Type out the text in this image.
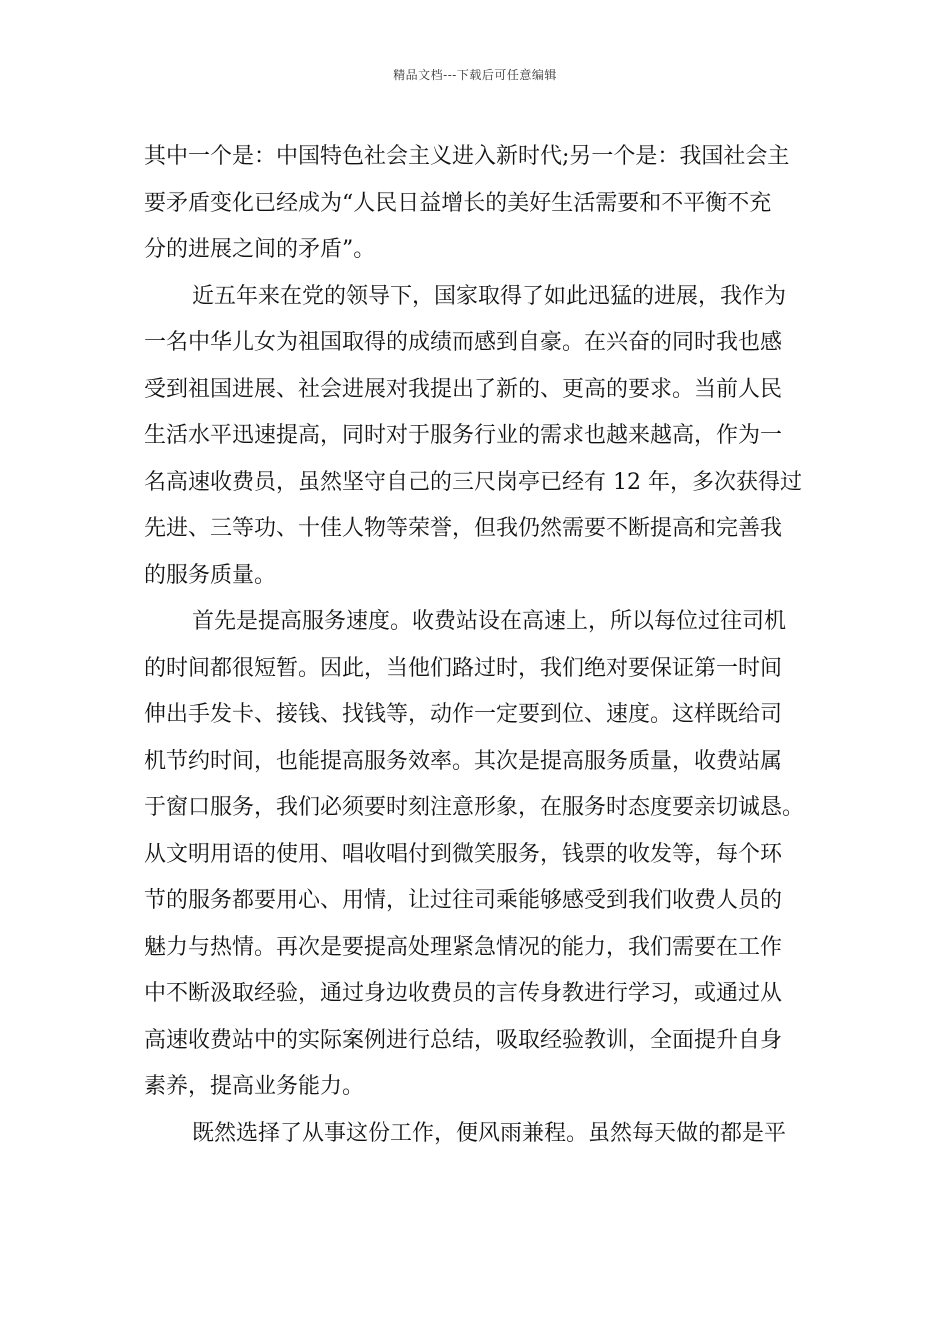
精品文档---下载后可任意编辑
其中一个是：中国特色社会主义进入新时代;另一个是：我国社会主
要矛盾变化已经成为“人民日益增长的美好生活需要和不平衡不充
分的进展之间的矛盾”。
近五年来在党的领导下，国家取得了如此迅猛的进展，我作为
一名中华儿女为祖国取得的成绩而感到自豪。在兴奋的同时我也感
受到祖国进展、社会进展对我提出了新的、更高的要求。当前人民
生活水平迅速提高，同时对于服务行业的需求也越来越高，作为一
名高速收费员，虽然坚守自己的三尺岗亭已经有 12 年，多次获得过
先进、三等功、十佳人物等荣誉，但我仍然需要不断提高和完善我
的服务质量。
首先是提高服务速度。收费站设在高速上，所以每位过往司机
的时间都很短暂。因此，当他们路过时，我们绝对要保证第一时间
伸出手发卡、接钱、找钱等，动作一定要到位、速度。这样既给司
机节约时间，也能提高服务效率。其次是提高服务质量，收费站属
于窗口服务，我们必须要时刻注意形象，在服务时态度要亲切诚恳。
从文明用语的使用、唱收唱付到微笑服务，钱票的收发等，每个环
节的服务都要用心、用情，让过往司乘能够感受到我们收费人员的
魅力与热情。再次是要提高处理紧急情况的能力，我们需要在工作
中不断汲取经验，通过身边收费员的言传身教进行学习，或通过从
高速收费站中的实际案例进行总结，吸取经验教训，全面提升自身
素养，提高业务能力。
既然选择了从事这份工作，便风雨兼程。虽然每天做的都是平
